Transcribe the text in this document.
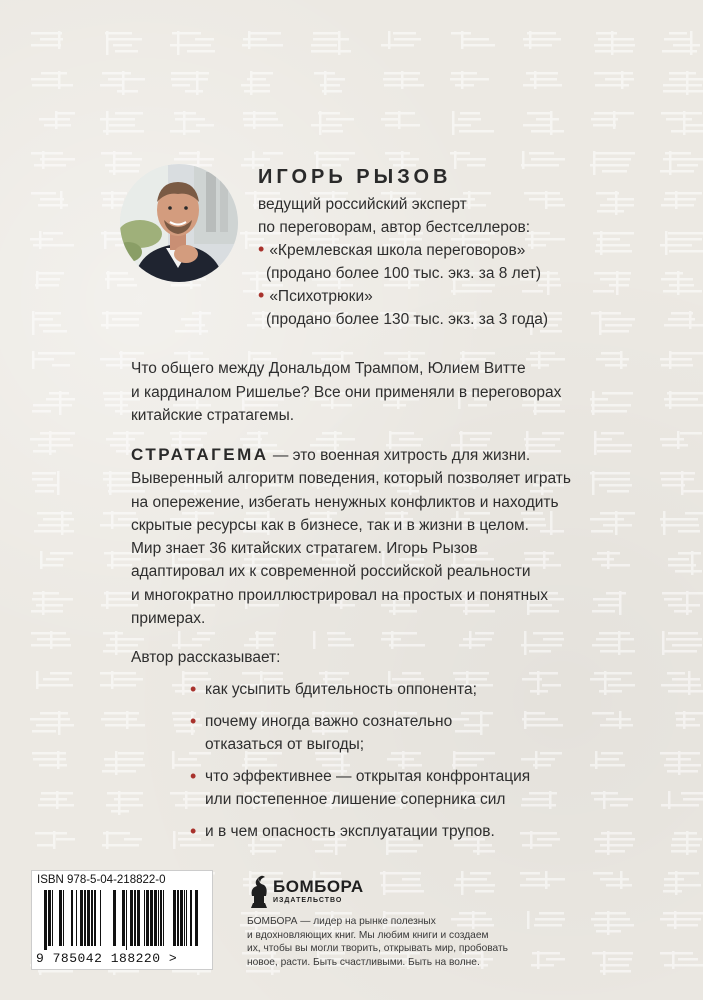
ИГОРЬ РЫЗОВ
ведущий российский эксперт
по переговорам, автор бестселлеров:
• «Кремлевская школа переговоров»
(продано более 100 тыс. экз. за 8 лет)
• «Психотрюки»
(продано более 130 тыс. экз. за 3 года)

Что общего между Дональдом Трампом, Юлием Витте
и кардиналом Ришелье? Все они применяли в переговорах
китайские стратагемы.

СТРАТАГЕМА — это военная хитрость для жизни.
Выверенный алгоритм поведения, который позволяет играть
на опережение, избегать ненужных конфликтов и находить
скрытые ресурсы как в бизнесе, так и в жизни в целом.
Мир знает 36 китайских стратагем. Игорь Рызов
адаптировал их к современной российской реальности
и многократно проиллюстрировал на простых и понятных
примерах.

Автор рассказывает:

• как усыпить бдительность оппонента;
• почему иногда важно сознательно
отказаться от выгоды;
• что эффективнее — открытая конфронтация
или постепенное лишение соперника сил
• и в чем опасность эксплуатации трупов.
ISBN 978-5-04-218822-0
9 785042 188220 >
БОМБОРА
ИЗДАТЕЛЬСТВО
БОМБОРА — лидер на рынке полезных
и вдохновляющих книг. Мы любим книги и создаем
их, чтобы вы могли творить, открывать мир, пробовать
новое, расти. Быть счастливыми. Быть на волне.
